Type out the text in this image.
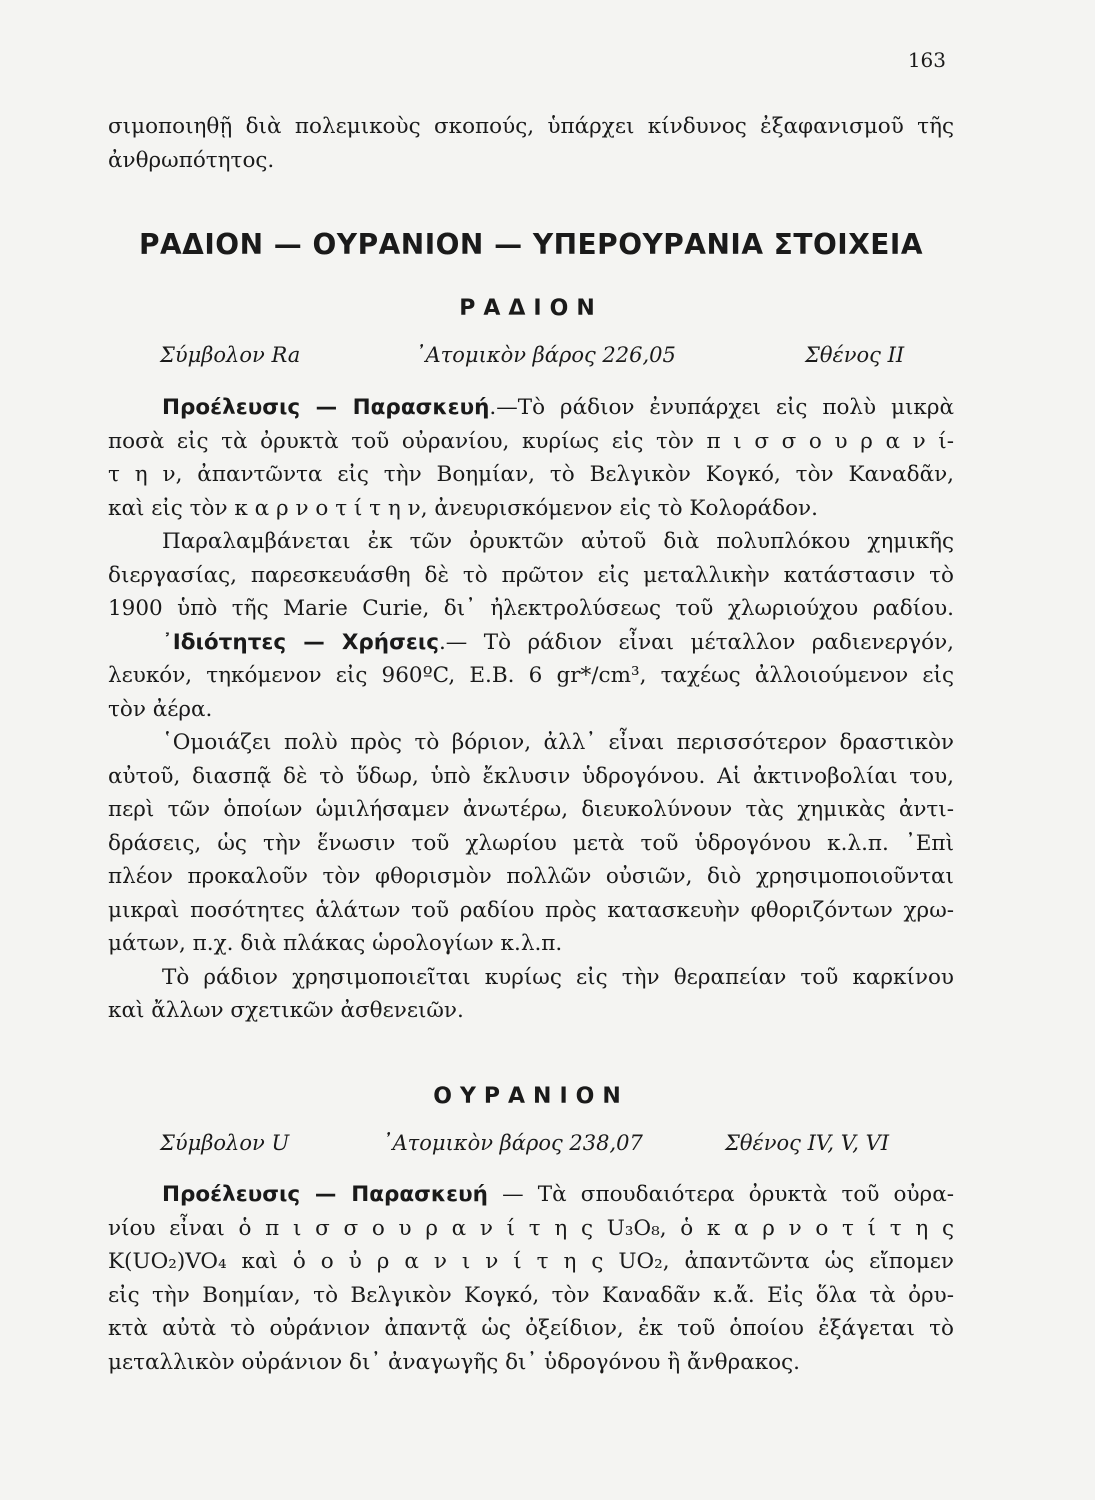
163
σιμοποιηθῇ διὰ πολεμικοὺς σκοπούς, ὑπάρχει κίνδυνος ἐξαφανισμοῦ τῆς
ἀνθρωπότητος.
ΡΑΔΙΟΝ — ΟΥΡΑΝΙΟΝ — ΥΠΕΡΟΥΡΑΝΙΑ ΣΤΟΙΧΕΙΑ
ΡΑΔΙΟΝ
Σύμβολον Ra	᾿Ατομικὸν βάρος 226,05	Σθένος II
Προέλευσις — Παρασκευή.—Τὸ ράδιον ἐνυπάρχει εἰς πολὺ μικρὰ
ποσὰ εἰς τὰ ὀρυκτὰ τοῦ οὐρανίου, κυρίως εἰς τὸν π ι σ σ ο υ ρ α ν ί-
τ η ν, ἀπαντῶντα εἰς τὴν Βοημίαν, τὸ Βελγικὸν Κογκό, τὸν Καναδᾶν,
καὶ εἰς τὸν κ α ρ ν ο τ ί τ η ν, ἀνευρισκόμενον εἰς τὸ Κολοράδον.
Παραλαμβάνεται ἐκ τῶν ὀρυκτῶν αὐτοῦ διὰ πολυπλόκου χημικῆς
διεργασίας, παρεσκευάσθη δὲ τὸ πρῶτον εἰς μεταλλικὴν κατάστασιν τὸ
1900 ὑπὸ τῆς Marie Curie, δι᾿ ἠλεκτρολύσεως τοῦ χλωριούχου ραδίου.
᾿Ιδιότητες — Χρήσεις.— Τὸ ράδιον εἶναι μέταλλον ραδιενεργόν,
λευκόν, τηκόμενον εἰς 960ºC, Ε.Β. 6 gr*/cm³, ταχέως ἀλλοιούμενον εἰς
τὸν ἀέρα.
῾Ομοιάζει πολὺ πρὸς τὸ βόριον, ἀλλ᾿ εἶναι περισσότερον δραστικὸν
αὐτοῦ, διασπᾷ δὲ τὸ ὕδωρ, ὑπὸ ἔκλυσιν ὑδρογόνου. Αἱ ἀκτινοβολίαι του,
περὶ τῶν ὁποίων ὡμιλήσαμεν ἀνωτέρω, διευκολύνουν τὰς χημικὰς ἀντι-
δράσεις, ὡς τὴν ἕνωσιν τοῦ χλωρίου μετὰ τοῦ ὑδρογόνου κ.λ.π. ᾿Επὶ
πλέον προκαλοῦν τὸν φθορισμὸν πολλῶν οὐσιῶν, διὸ χρησιμοποιοῦνται
μικραὶ ποσότητες ἁλάτων τοῦ ραδίου πρὸς κατασκευὴν φθοριζόντων χρω-
μάτων, π.χ. διὰ πλάκας ὡρολογίων κ.λ.π.
Τὸ ράδιον χρησιμοποιεῖται κυρίως εἰς τὴν θεραπείαν τοῦ καρκίνου
καὶ ἄλλων σχετικῶν ἀσθενειῶν.
ΟΥΡΑΝΙΟΝ
Σύμβολον U	᾿Ατομικὸν βάρος 238,07	Σθένος IV, V, VI
Προέλευσις — Παρασκευή — Τὰ σπουδαιότερα ὀρυκτὰ τοῦ οὐρα-
νίου εἶναι ὁ π ι σ σ ο υ ρ α ν ί τ η ς U₃O₈, ὁ κ α ρ ν ο τ ί τ η ς
K(UO₂)VO₄ καὶ ὁ ο ὐ ρ α ν ι ν ί τ η ς UO₂, ἀπαντῶντα ὡς εἴπομεν
εἰς τὴν Βοημίαν, τὸ Βελγικὸν Κογκό, τὸν Καναδᾶν κ.ἄ. Εἰς ὅλα τὰ ὀρυ-
κτὰ αὐτὰ τὸ οὐράνιον ἀπαντᾷ ὡς ὀξείδιον, ἐκ τοῦ ὁποίου ἐξάγεται τὸ
μεταλλικὸν οὐράνιον δι᾿ ἀναγωγῆς δι᾿ ὑδρογόνου ἢ ἄνθρακος.
